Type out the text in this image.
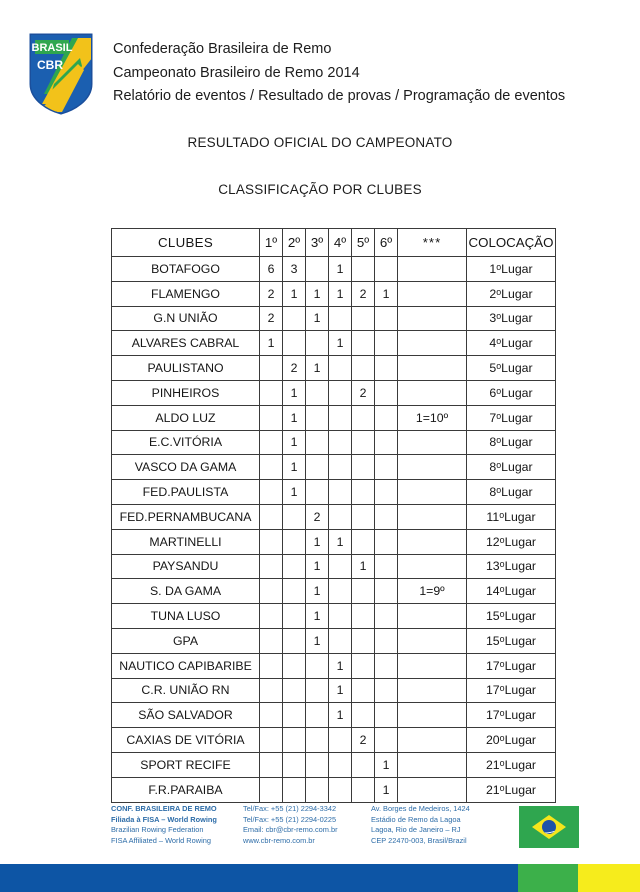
BRASIL
CBR
Confederação Brasileira de Remo
Campeonato Brasileiro de Remo 2014
Relatório de eventos / Resultado de provas / Programação de eventos
RESULTADO OFICIAL DO CAMPEONATO
CLASSIFICAÇÃO POR CLUBES
CLUBES	1º	2º	3º	4º	5º	6º	***	COLOCAÇÃO
BOTAFOGO	6	3		1				1$^o$Lugar
FLAMENGO	2	1	1	1	2	1		2$^o$Lugar
G.N UNIÃO	2		1					3$^o$Lugar
ALVARES CABRAL	1			1				4$^o$Lugar
PAULISTANO		2	1					5$^o$Lugar
PINHEIROS		1			2			6$^o$Lugar
ALDO LUZ		1					1=10º	7$^o$Lugar
E.C.VITÓRIA		1						8$^o$Lugar
VASCO DA GAMA		1						8$^o$Lugar
FED.PAULISTA		1						8$^o$Lugar
FED.PERNAMBUCANA			2					11$^o$Lugar
MARTINELLI			1	1				12$^o$Lugar
PAYSANDU			1		1			13$^o$Lugar
S. DA GAMA			1				1=9º	14$^o$Lugar
TUNA LUSO			1					15$^o$Lugar
GPA			1					15$^o$Lugar
NAUTICO CAPIBARIBE				1				17$^o$Lugar
C.R. UNIÃO RN				1				17$^o$Lugar
SÃO SALVADOR				1				17$^o$Lugar
CAXIAS DE VITÓRIA					2			20$^o$Lugar
SPORT RECIFE						1		21$^o$Lugar
F.R.PARAIBA						1		21$^o$Lugar
CONF. BRASILEIRA DE REMO
Filiada à FISA – World Rowing
Brazilian Rowing Federation
FISA Affiliated – World Rowing
Tel/Fax: +55 (21) 2294-3342
Tel/Fax: +55 (21) 2294-0225
Email: cbr@cbr-remo.com.br
www.cbr-remo.com.br
Av. Borges de Medeiros, 1424
Estádio de Remo da Lagoa
Lagoa, Rio de Janeiro – RJ
CEP 22470-003, Brasil/Brazil
